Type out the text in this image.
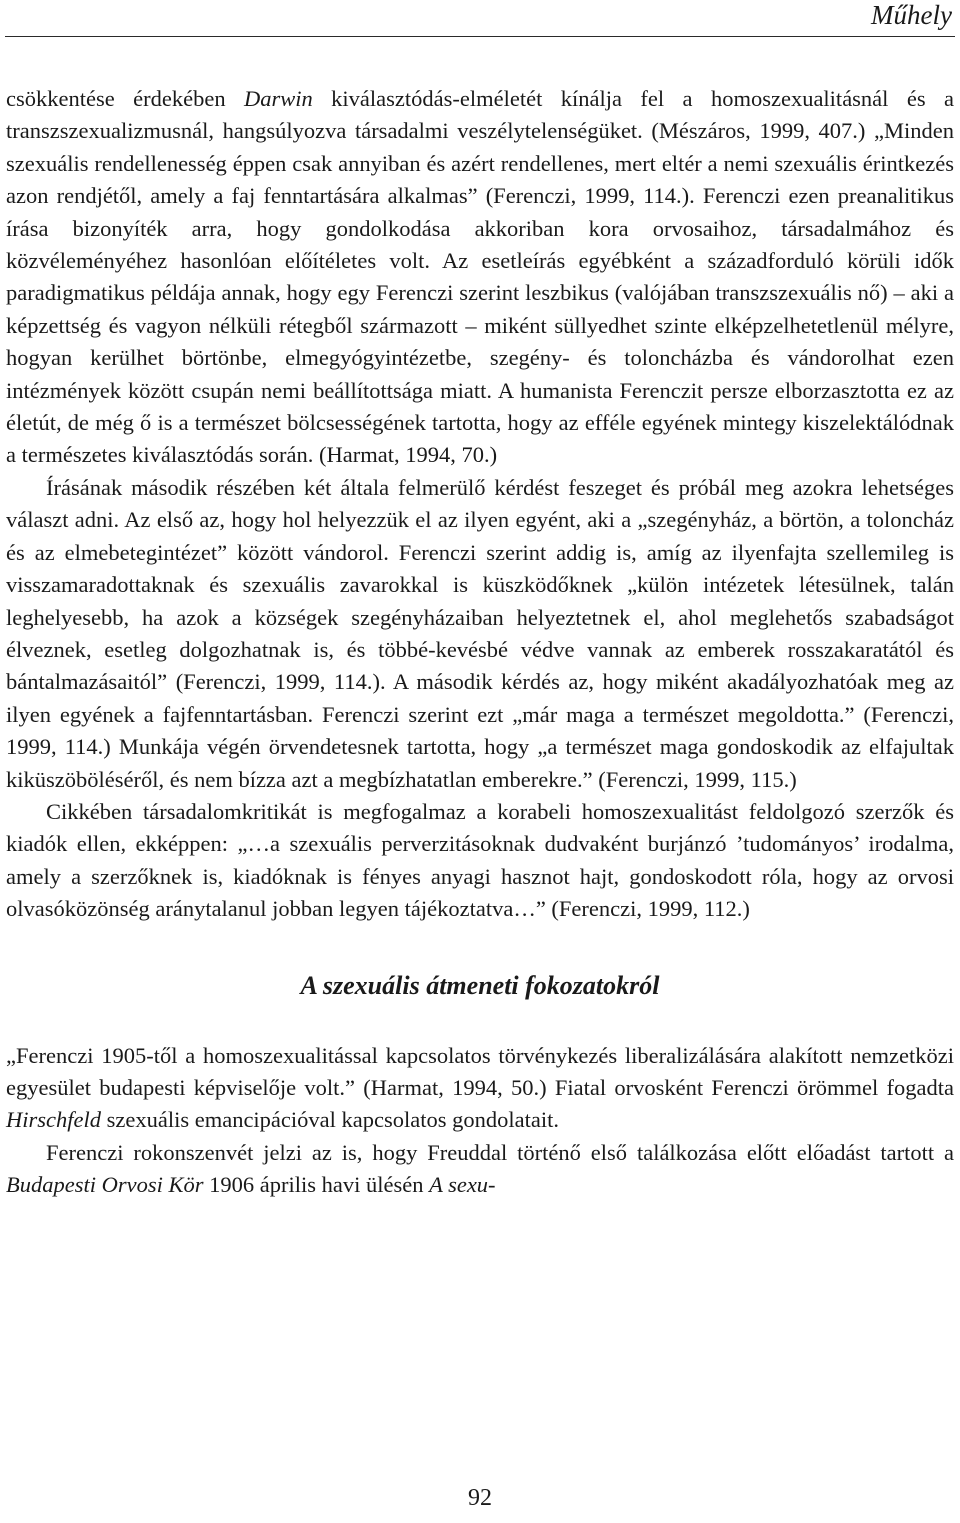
Műhely

csökkentése érdekében Darwin kiválasztódás-elméletét kínálja fel a homoszexualitásnál és a transzszexualizmusnál, hangsúlyozva társadalmi veszélytelenségüket. (Mészáros, 1999, 407.) „Minden szexuális rendellenesség éppen csak annyiban és azért rendellenes, mert eltér a nemi szexuális érintkezés azon rendjétől, amely a faj fenntartására alkalmas” (Ferenczi, 1999, 114.). Ferenczi ezen preanalitikus írása bizonyíték arra, hogy gondolkodása akkoriban kora orvosaihoz, társadalmához és közvéleményéhez hasonlóan előítéletes volt. Az esetleírás egyébként a századforduló körüli idők paradigmatikus példája annak, hogy egy Ferenczi szerint leszbikus (valójában transzszexuális nő) – aki a képzettség és vagyon nélküli rétegből származott – miként süllyedhet szinte elképzelhetetlenül mélyre, hogyan kerülhet börtönbe, elmegyógyintézetbe, szegény- és toloncházba és vándorolhat ezen intézmények között csupán nemi beállítottsága miatt. A humanista Ferenczit persze elborzasztotta ez az életút, de még ő is a természet bölcsességének tartotta, hogy az efféle egyének mintegy kiszelektálódnak a természetes kiválasztódás során. (Harmat, 1994, 70.)

Írásának második részében két általa felmerülő kérdést feszeget és próbál meg azokra lehetséges választ adni. Az első az, hogy hol helyezzük el az ilyen egyént, aki a „szegényház, a börtön, a toloncház és az elmebetegintézet” között vándorol. Ferenczi szerint addig is, amíg az ilyenfajta szellemileg is visszamaradottaknak és szexuális zavarokkal is küszködőknek „külön intézetek létesülnek, talán leghelyesebb, ha azok a községek szegényházaiban helyeztetnek el, ahol meglehetős szabadságot élveznek, esetleg dolgozhatnak is, és többé-kevésbé védve vannak az emberek rosszakaratától és bántalmazásaitól” (Ferenczi, 1999, 114.). A második kérdés az, hogy miként akadályozhatóak meg az ilyen egyének a fajfenntartásban. Ferenczi szerint ezt „már maga a természet megoldotta.” (Ferenczi, 1999, 114.) Munkája végén örvendetesnek tartotta, hogy „a természet maga gondoskodik az elfajultak kiküszöböléséről, és nem bízza azt a megbízhatatlan emberekre.” (Ferenczi, 1999, 115.)

Cikkében társadalomkritikát is megfogalmaz a korabeli homoszexualitást feldolgozó szerzők és kiadók ellen, ekképpen: „…a szexuális perverzitásoknak dudvaként burjánzó ’tudományos’ irodalma, amely a szerzőknek is, kiadóknak is fényes anyagi hasznot hajt, gondoskodott róla, hogy az orvosi olvasóközönség aránytalanul jobban legyen tájékoztatva…” (Ferenczi, 1999, 112.)

A szexuális átmeneti fokozatokról

„Ferenczi 1905-től a homoszexualitással kapcsolatos törvénykezés liberalizálására alakított nemzetközi egyesület budapesti képviselője volt.” (Harmat, 1994, 50.) Fiatal orvosként Ferenczi örömmel fogadta Hirschfeld szexuális emancipációval kapcsolatos gondolatait.

Ferenczi rokonszenvét jelzi az is, hogy Freuddal történő első találkozása előtt előadást tartott a Budapesti Orvosi Kör 1906 április havi ülésén A sexu-

92
